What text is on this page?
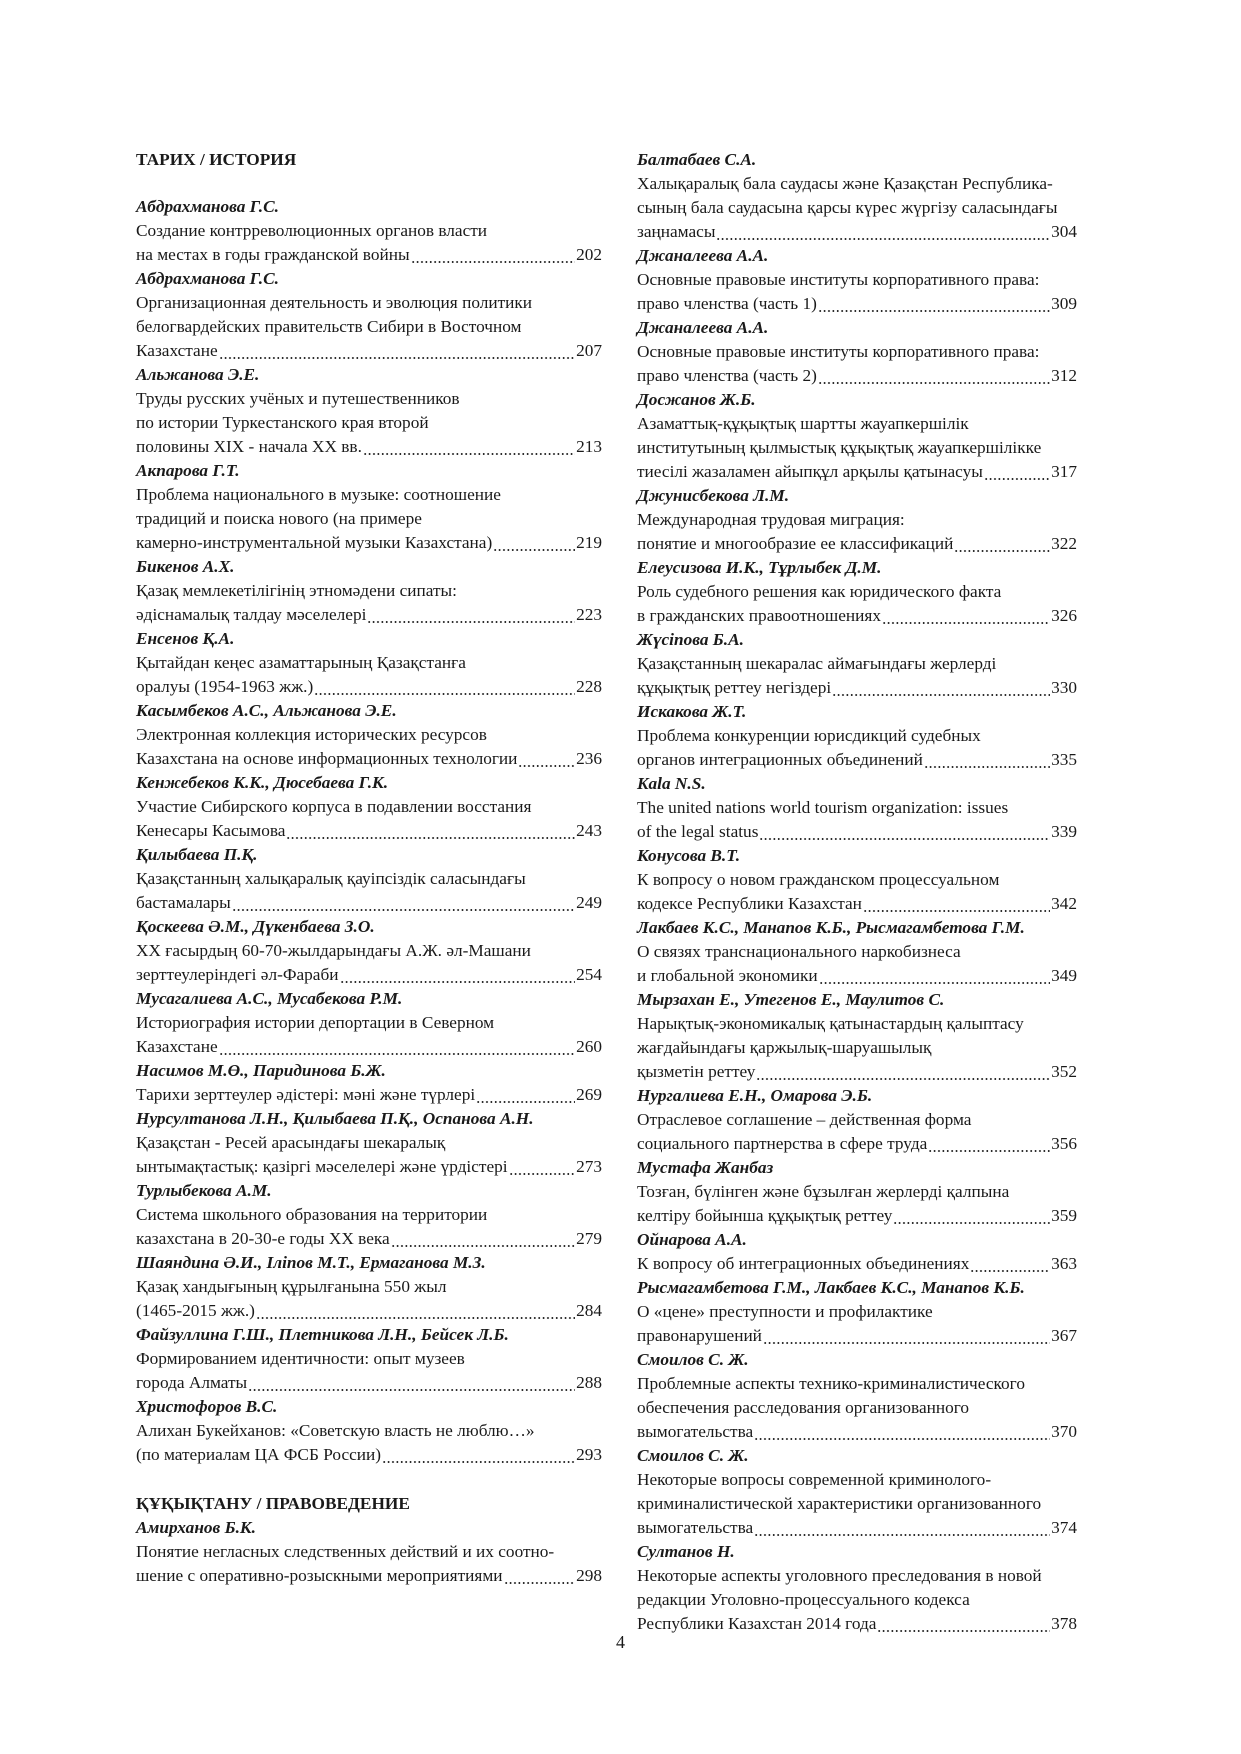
ТАРИХ / ИСТОРИЯ
Абдрахманова Г.С.
Создание контрреволюционных органов власти
на местах в годы гражданской войны	202
Абдрахманова Г.С.
Организационная деятельность и эволюция политики
белогвардейских правительств Сибири в Восточном
Казахстане	207
Альжанова Э.Е.
Труды русских учёных и путешественников
по истории Туркестанского края второй
половины XIX - начала XX вв.	213
Акпарова Г.Т.
Проблема национального в музыке: соотношение
традиций и поиска нового (на примере
камерно-инструментальной музыки Казахстана)	219
Бикенов А.Х.
Қазақ мемлекетілігінің этномәдени сипаты:
әдіснамалық талдау мәселелері	223
Енсенов Қ.А.
Қытайдан кеңес азаматтарының Қазақстанға
оралуы (1954-1963 жж.)	228
Касымбеков А.С., Альжанова Э.Е.
Электронная коллекция исторических ресурсов
Казахстана на основе информационных технологии	236
Кенжебеков К.К., Дюсебаева Г.К.
Участие Сибирского корпуса в подавлении восстания
Кенесары Касымова	243
Қилыбаева П.Қ.
Қазақстанның халықаралық қауіпсіздік саласындағы
бастамалары	249
Қоскеева Ә.М., Дүкенбаева З.О.
XX ғасырдың 60-70-жылдарындағы А.Ж. әл-Машани
зерттеулеріндегі әл-Фараби	254
Мусагалиева А.С., Мусабекова Р.М.
Историография истории депортации в Северном
Казахстане	260
Насимов М.Ө., Паридинова Б.Ж.
Тарихи зерттеулер әдістері: мәні және түрлері	269
Нурсултанова Л.Н., Қилыбаева П.Қ., Оспанова А.Н.
Қазақстан - Ресей арасындағы шекаралық
ынтымақтастық: қазіргі мәселелері және үрдістері	273
Турлыбекова А.М.
Система школьного образования на территории
казахстана в 20-30-е годы XX века	279
Шаяндина Ә.И., Іліпов М.Т., Ермаганова М.З.
Қазақ хандығының құрылғанына 550 жыл
(1465-2015 жж.)	284
Файзуллина Г.Ш., Плетникова Л.Н., Бейсек Л.Б.
Формированием идентичности: опыт музеев
города Алматы	288
Христофоров В.С.
Алихан Букейханов: «Советскую власть не люблю…»
(по материалам ЦА ФСБ России)	293
ҚҰҚЫҚТАНУ / ПРАВОВЕДЕНИЕ
Амирханов Б.К.
Понятие негласных следственных действий и их соотно-
шение с оперативно-розыскными мероприятиями	298
Балтабаев С.А.
Халықаралық бала саудасы және Қазақстан Республика-
сының бала саудасына қарсы күрес жүргізу саласындағы
заңнамасы	304
Джаналеева А.А.
Основные правовые институты корпоративного права:
право членства (часть 1)	309
Джаналеева А.А.
Основные правовые институты корпоративного права:
право членства (часть 2)	312
Досжанов Ж.Б.
Азаматтық-құқықтық шартты жауапкершілік
институтының қылмыстық құқықтық жауапкершілікке
тиесілі жазаламен айыпқұл арқылы қатынасуы	317
Джунисбекова Л.М.
Международная трудовая миграция:
понятие и многообразие ее классификаций	322
Елеусизова И.К., Тұрлыбек Д.М.
Роль судебного решения как юридического факта
в гражданских правоотношениях	326
Жүсіпова Б.А.
Қазақстанның шекаралас аймағындағы жерлерді
құқықтық реттеу негіздері	330
Искакова Ж.Т.
Проблема конкуренции юрисдикций судебных
органов интеграционных объединений	335
Kala N.S.
The united nations world tourism organization: issues
of the legal status	339
Конусова В.Т.
К вопросу о новом гражданском процессуальном
кодексе Республики Казахстан	342
Лакбаев К.С., Манапов К.Б., Рысмагамбетова Г.М.
О связях транснационального наркобизнеса
и глобальной экономики	349
Мырзахан Е., Утегенов Е., Маулитов С.
Нарықтық-экономикалық қатынастардың қалыптасу
жағдайындағы қаржылық-шаруашылық
қызметін реттеу	352
Нургалиева Е.Н., Омарова Э.Б.
Отраслевое соглашение – действенная форма
социального партнерства в сфере труда	356
Мустафа Жанбаз
Тозған, бүлінген және бұзылған жерлерді қалпына
келтіру бойынша құқықтық реттеу	359
Ойнарова А.А.
К вопросу об интеграционных объединениях	363
Рысмагамбетова Г.М., Лакбаев К.С., Манапов К.Б.
О «цене» преступности и профилактике
правонарушений	367
Смоилов С. Ж.
Проблемные аспекты технико-криминалистического
обеспечения расследования организованного
вымогательства	370
Смоилов С. Ж.
Некоторые вопросы современной криминолого-
криминалистической характеристики организованного
вымогательства	374
Султанов Н.
Некоторые аспекты уголовного преследования в новой
редакции Уголовно-процессуального кодекса
Республики Казахстан 2014 года	378
4
